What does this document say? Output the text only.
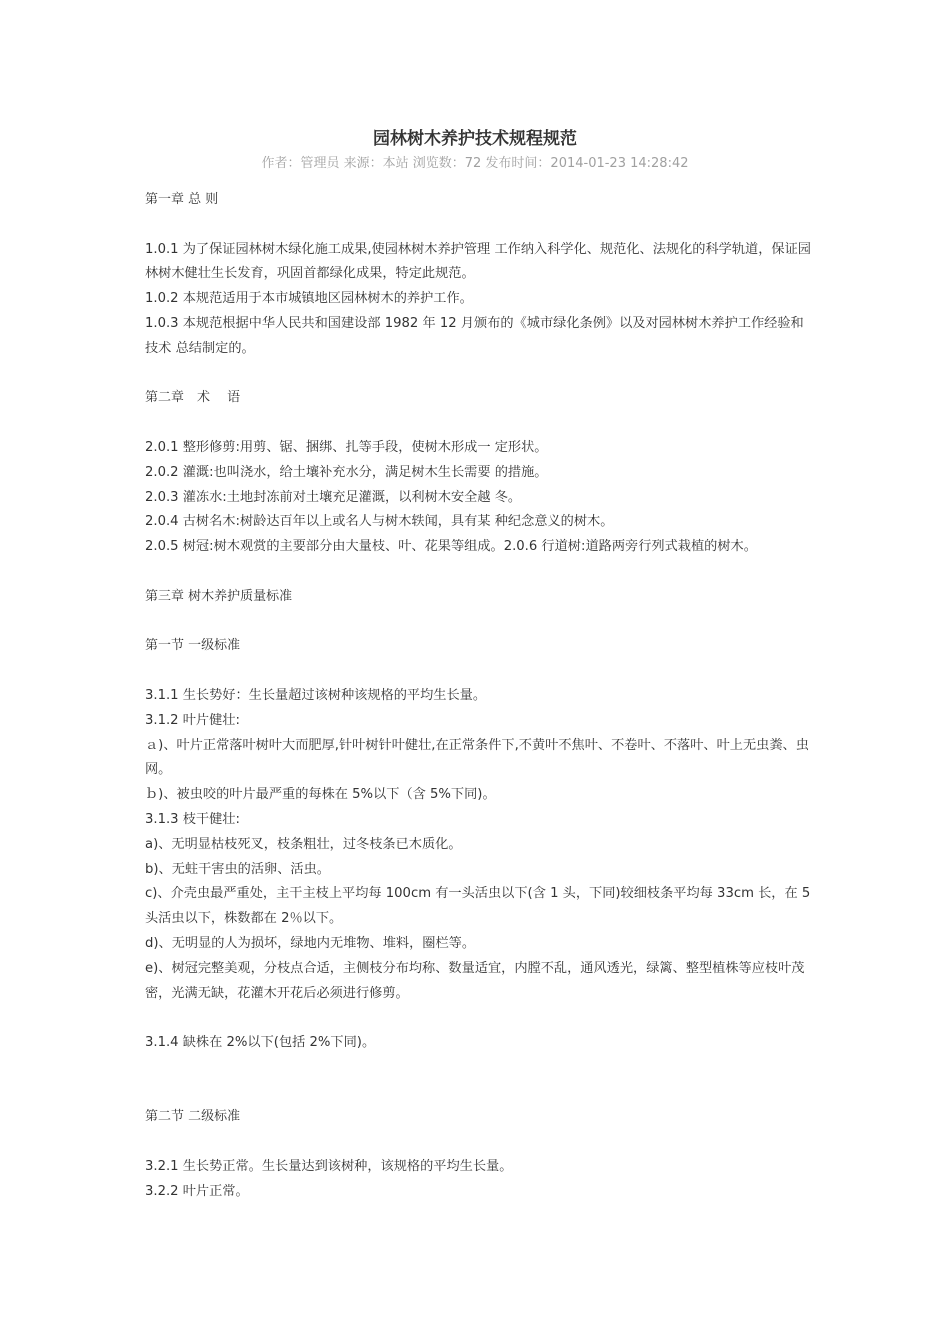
园林树木养护技术规程规范
作者：管理员 来源：本站 浏览数：72 发布时间：2014-01-23 14:28:42

第一章 总 则

1.0.1 为了保证园林树木绿化施工成果,使园林树木养护管理 工作纳入科学化、规范化、法规化的科学轨道，保证园林树木健壮生长发育，巩固首都绿化成果，特定此规范。

1.0.2 本规范适用于本市城镇地区园林树木的养护工作。

1.0.3 本规范根据中华人民共和国建设部 1982 年 12 月颁布的《城市绿化条例》以及对园林树木养护工作经验和技术 总结制定的。

第二章　术　 语

2.0.1 整形修剪:用剪、锯、捆绑、扎等手段，使树木形成一 定形状。

2.0.2 灌溉:也叫浇水，给土壤补充水分，满足树木生长需要 的措施。

2.0.3 灌冻水:土地封冻前对土壤充足灌溉，以利树木安全越 冬。

2.0.4 古树名木:树龄达百年以上或名人与树木轶闻，具有某 种纪念意义的树木。

2.0.5 树冠:树木观赏的主要部分由大量枝、叶、花果等组成。2.0.6 行道树:道路两旁行列式栽植的树木。

第三章 树木养护质量标准

第一节 一级标准

3.1.1 生长势好：生长量超过该树种该规格的平均生长量。

3.1.2 叶片健壮:

ａ)、叶片正常落叶树叶大而肥厚,针叶树针叶健壮,在正常条件下,不黄叶不焦叶、不卷叶、不落叶、叶上无虫粪、虫网。

ｂ)、被虫咬的叶片最严重的每株在 5%以下（含 5%下同)。

3.1.3 枝干健壮:

a)、无明显枯枝死叉，枝条粗壮，过冬枝条已木质化。

b)、无蛀干害虫的活卵、活虫。

c)、介壳虫最严重处，主干主枝上平均每 100cm 有一头活虫以下(含 1 头，下同)较细枝条平均每 33cm 长，在 5 头活虫以下，株数都在 2％以下。

d)、无明显的人为损坏，绿地内无堆物、堆料，圈栏等。

e)、树冠完整美观，分枝点合适，主侧枝分布均称、数量适宜，内膛不乱，通风透光，绿篱、整型植株等应枝叶茂密，光满无缺，花灌木开花后必须进行修剪。

3.1.4 缺株在 2%以下(包括 2%下同)。

第二节 二级标准

3.2.1 生长势正常。生长量达到该树种，该规格的平均生长量。

3.2.2 叶片正常。
